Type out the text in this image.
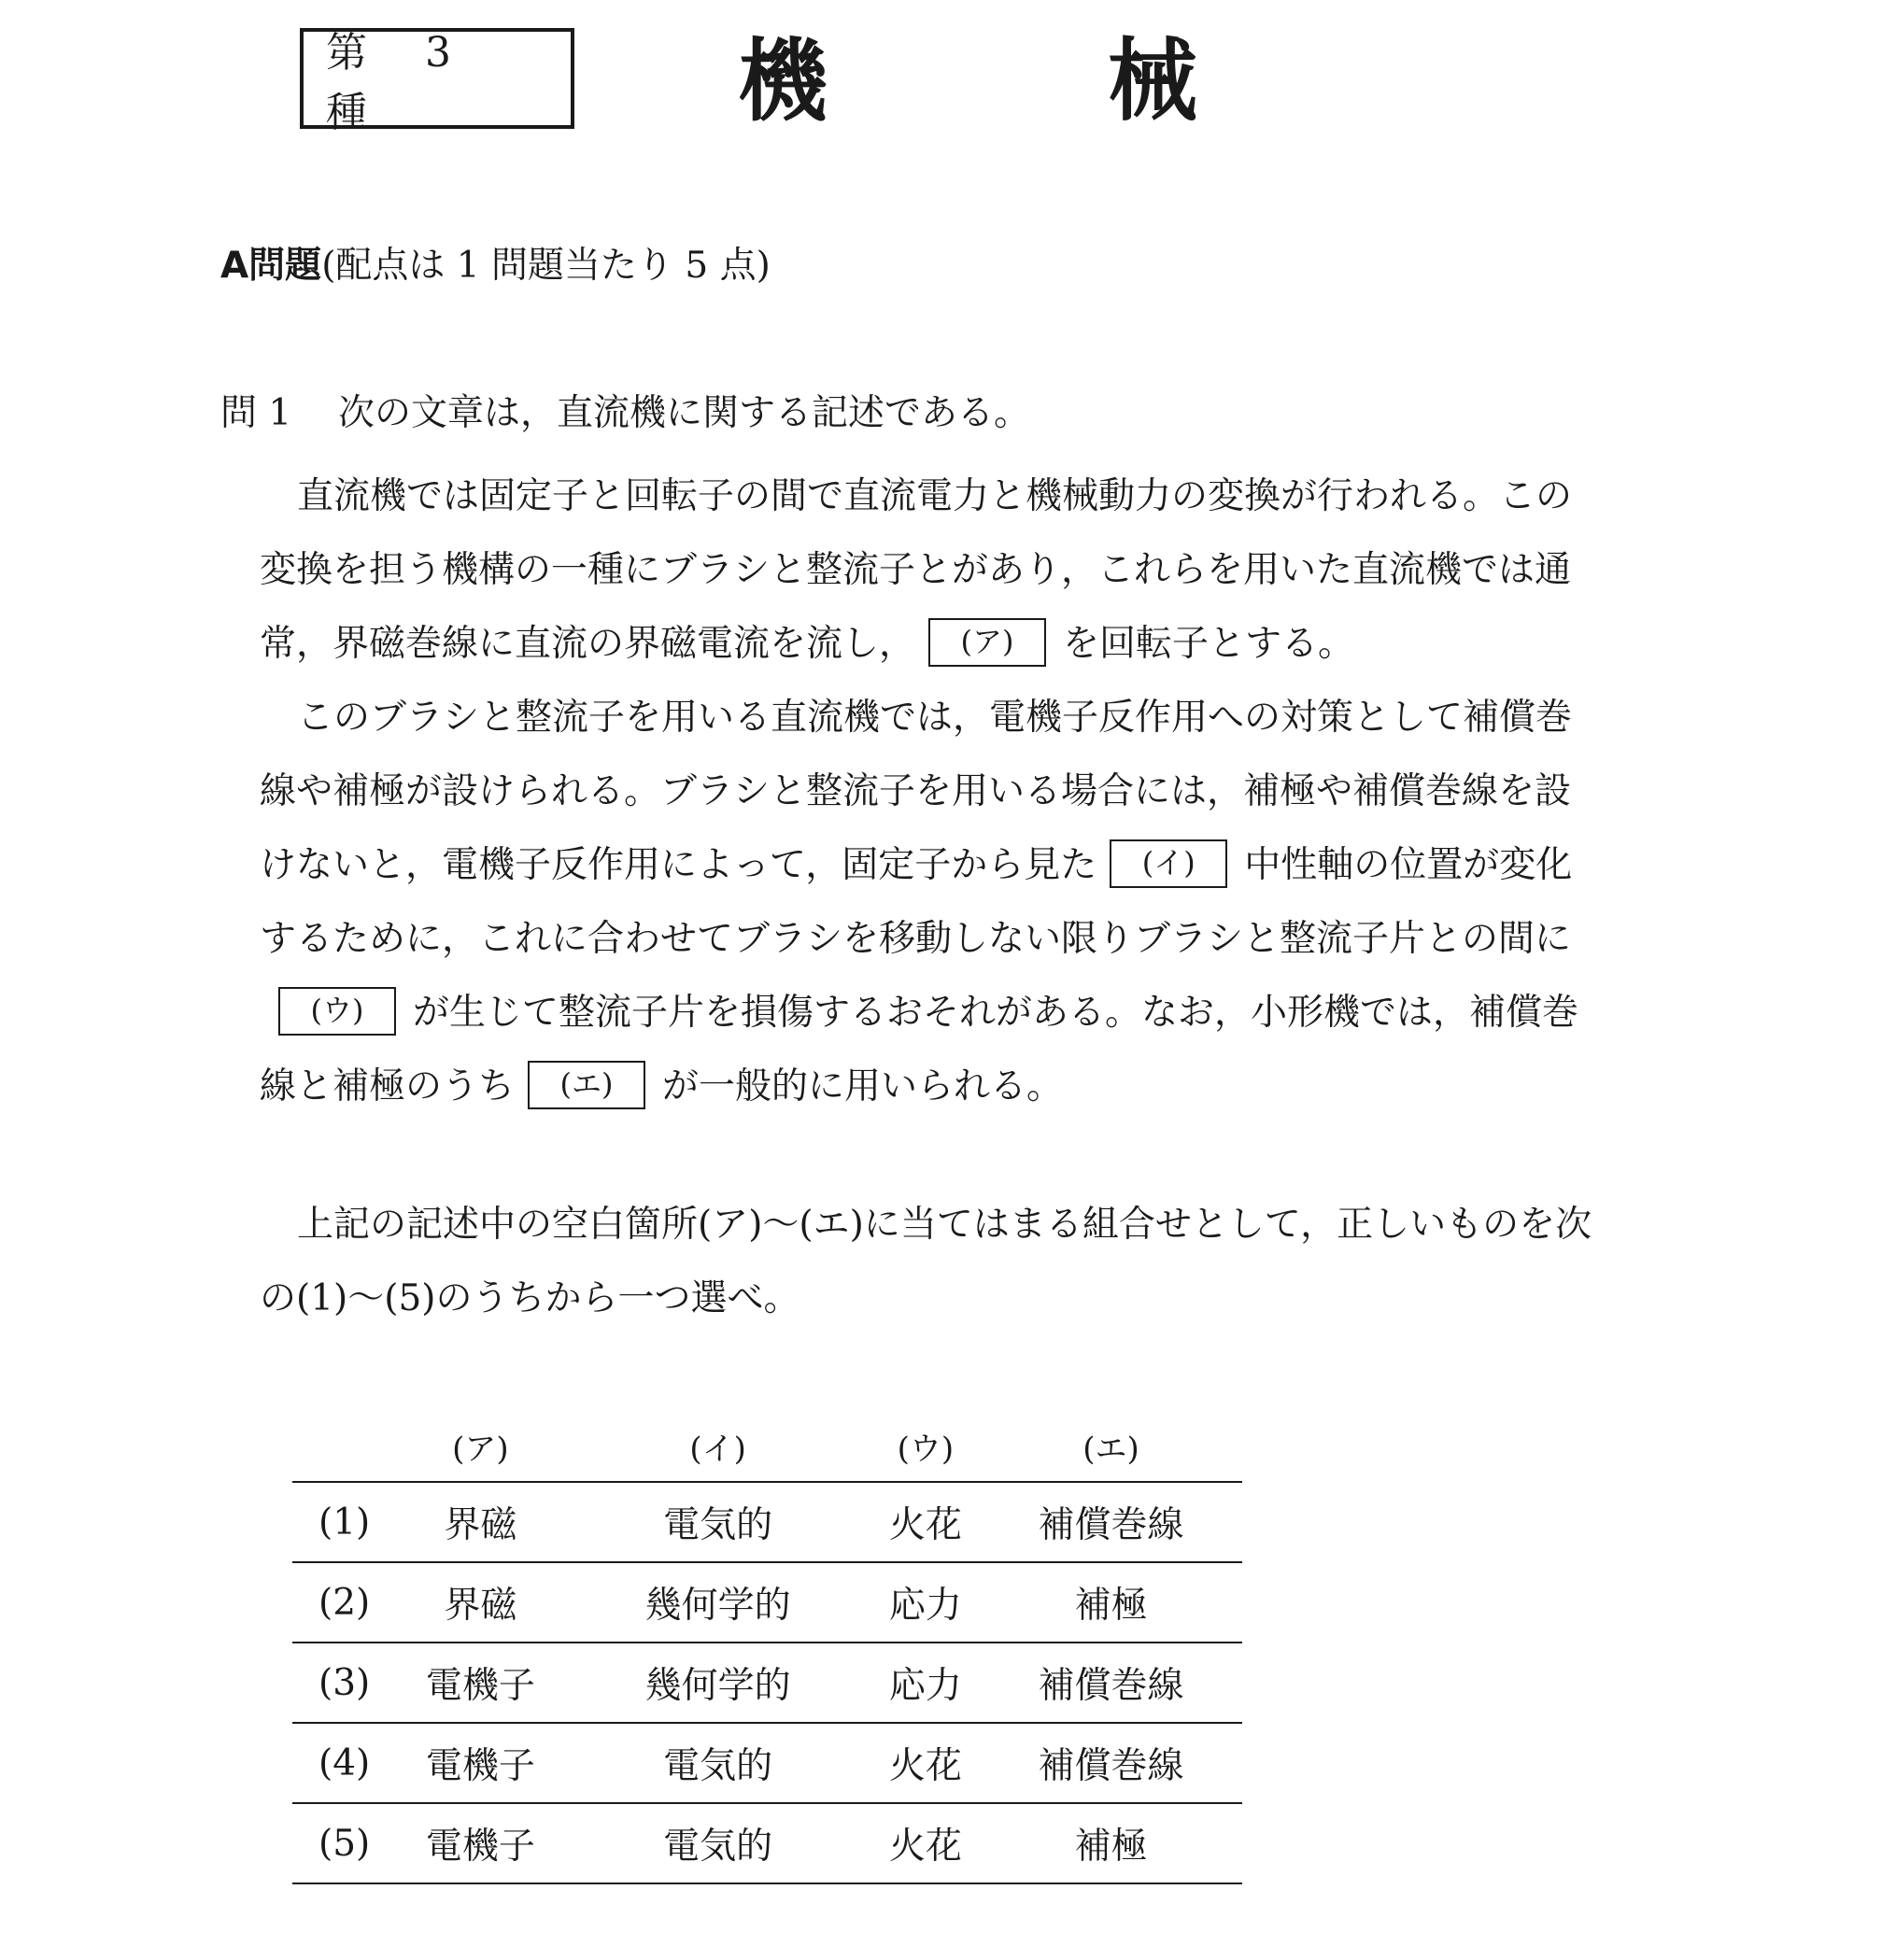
第 3 種	機	械
A問題(配点は 1 問題当たり 5 点)
問 1 次の文章は，直流機に関する記述である。
直流機では固定子と回転子の間で直流電力と機械動力の変換が行われる。この
変換を担う機構の一種にブラシと整流子とがあり，これらを用いた直流機では通
常，界磁巻線に直流の界磁電流を流し， (ア) を回転子とする。
このブラシと整流子を用いる直流機では，電機子反作用への対策として補償巻
線や補極が設けられる。ブラシと整流子を用いる場合には，補極や補償巻線を設
けないと，電機子反作用によって，固定子から見た (イ) 中性軸の位置が変化
するために，これに合わせてブラシを移動しない限りブラシと整流子片との間に
(ウ) が生じて整流子片を損傷するおそれがある。なお，小形機では，補償巻
線と補極のうち (エ) が一般的に用いられる。
上記の記述中の空白箇所(ア)～(エ)に当てはまる組合せとして，正しいものを次
の(1)～(5)のうちから一つ選べ。
	(ア)	(イ)	(ウ)	(エ)
(1)	界磁	電気的	火花	補償巻線
(2)	界磁	幾何学的	応力	補極
(3)	電機子	幾何学的	応力	補償巻線
(4)	電機子	電気的	火花	補償巻線
(5)	電機子	電気的	火花	補極
